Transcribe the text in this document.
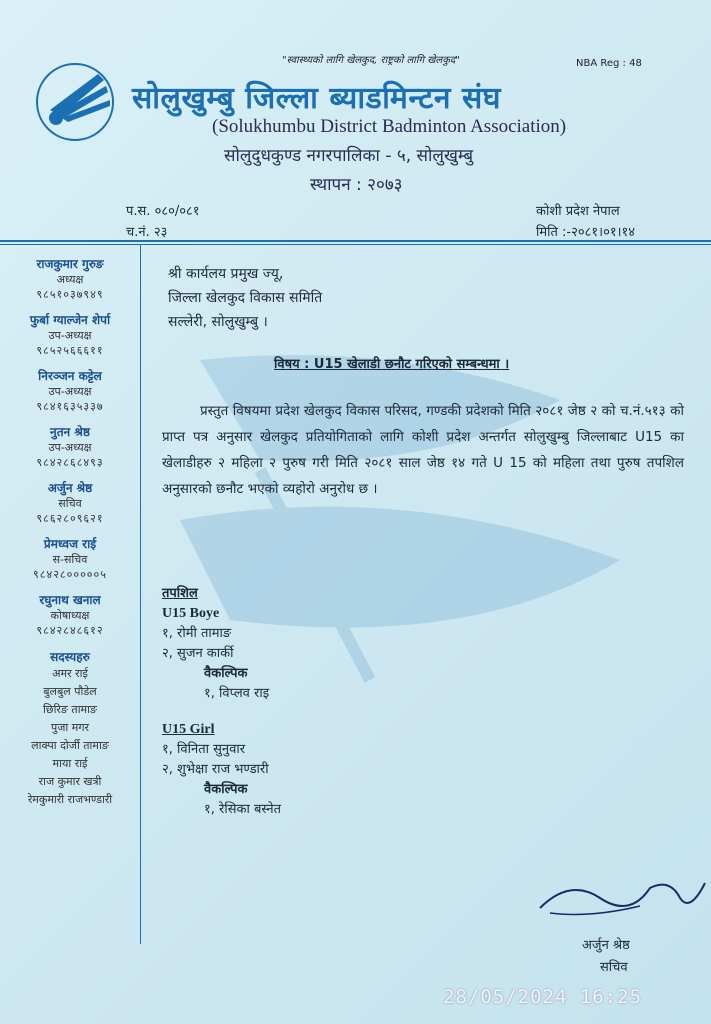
"स्वास्थ्यको लागि खेलकुद, राष्ट्रको लागि खेलकुद"	NBA Reg : 48
सोलुखुम्बु जिल्ला ब्याडमिन्टन संघ
(Solukhumbu District Badminton Association)
सोलुदुधकुण्ड नगरपालिका - ५, सोलुखुम्बु
स्थापन : २०७३
प.स. ०८०/०८१
च.नं. २३
कोशी प्रदेश नेपाल
मिति :-२०८१।०१।१४
राजकुमार गुरुङ
अध्यक्ष
९८५१०३७९४९
फुर्बा ग्याल्जेन शेर्पा
उप-अध्यक्ष
९८५२५६६६११
निरञ्जन कट्टेल
उप-अध्यक्ष
९८४१६३५३३७
नुतन श्रेष्ठ
उप-अध्यक्ष
९८४२८६८४९३
अर्जुन श्रेष्ठ
सचिव
९८६२८०९६२१
प्रेमध्वज राई
स-सचिव
९८४२८०००००५
रघुनाथ खनाल
कोषाध्यक्ष
९८४२८४८६१२
सदस्यहरु
अमर राई
बुलबुल पौडेल
छिरिङ तामाङ
पुजा मगर
लाक्पा दोर्जी तामाङ
माया राई
राज कुमार खत्री
रेमकुमारी राजभण्डारी
श्री कार्यलय प्रमुख ज्यू,
जिल्ला खेलकुद विकास समिति
सल्लेरी, सोलुखुम्बु ।
विषय : U15 खेलाडी छनौट गरिएको सम्बन्धमा ।
प्रस्तुत विषयमा प्रदेश खेलकुद विकास परिसद, गण्डकी प्रदेशको मिति २०८१ जेष्ठ २ को च.नं.५१३ को प्राप्त पत्र अनुसार खेलकुद प्रतियोगिताको लागि कोशी प्रदेश अन्तर्गत सोलुखुम्बु जिल्लाबाट U15 का खेलाडीहरु २ महिला २ पुरुष गरी मिति २०८१ साल जेष्ठ १४ गते U 15 को महिला तथा पुरुष तपशिल अनुसारको छनौट भएको व्यहोरो अनुरोध छ ।
तपशिल
U15 Boye
१, रोमी तामाङ
२, सुजन कार्की
वैकल्पिक
१, विप्लव राइ
U15 Girl
१, विनिता सुनुवार
२, शुभेक्षा राज भण्डारी
वैकल्पिक
१, रेसिका बस्नेत
अर्जुन श्रेष्ठ
सचिव
28/05/2024 16:25
